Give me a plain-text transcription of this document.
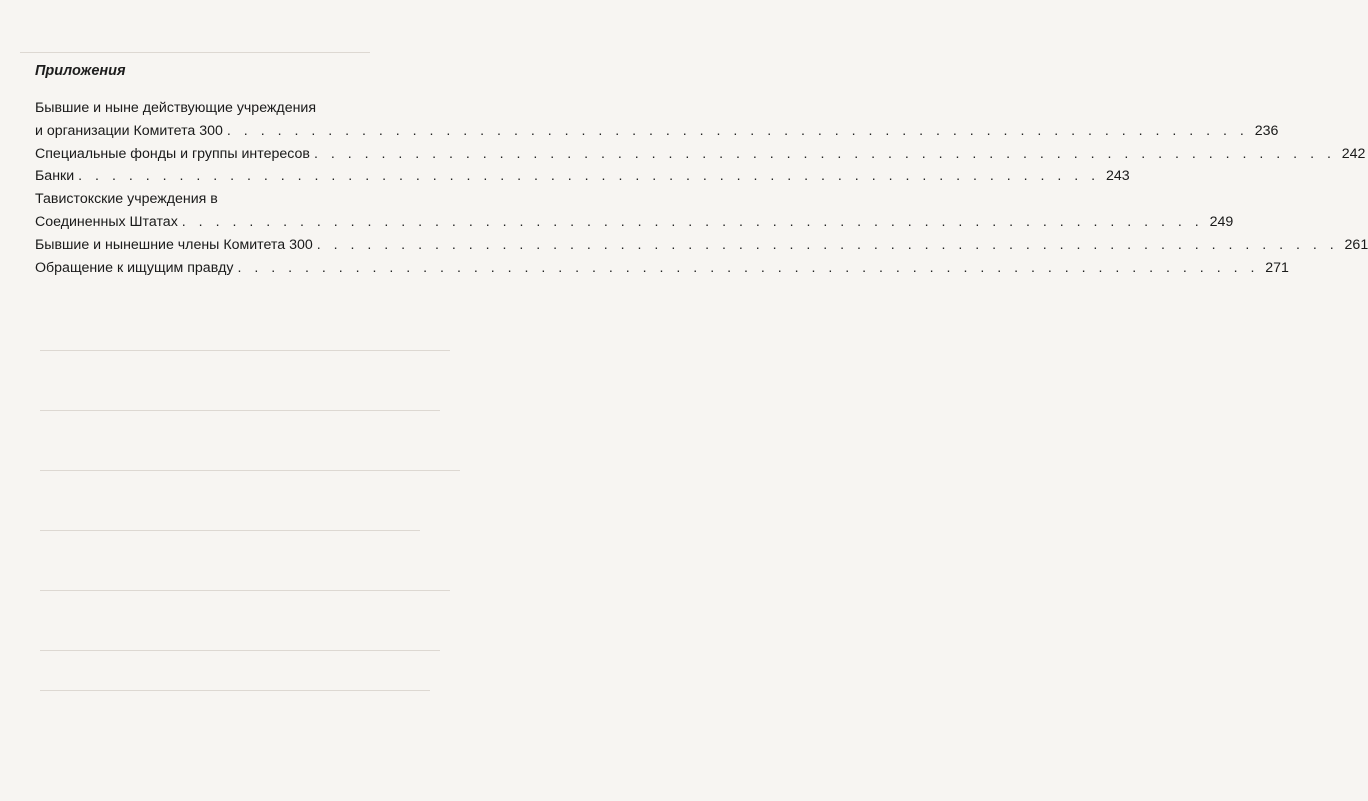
Приложения
Бывшие и ныне действующие учреждения
и организации Комитета 300 . . . . . . . . . . . . . . . . . . . . . . . . . . . . . . . . . . . . . . . . . . . . . . . . . . . . . . . . . . . . . 236
Специальные фонды и группы интересов . . . . . . . . . . . . . . . . . . . . . . . . . . . . . . . . . . . . . . . . . . . . . . . . . . . . . . . . . . . . . 242
Банки . . . . . . . . . . . . . . . . . . . . . . . . . . . . . . . . . . . . . . . . . . . . . . . . . . . . . . . . . . . . . 243
Тавистокские учреждения в
Соединенных Штатах . . . . . . . . . . . . . . . . . . . . . . . . . . . . . . . . . . . . . . . . . . . . . . . . . . . . . . . . . . . . . 249
Бывшие и нынешние члены Комитета 300 . . . . . . . . . . . . . . . . . . . . . . . . . . . . . . . . . . . . . . . . . . . . . . . . . . . . . . . . . . . . . 261
Обращение к ищущим правду . . . . . . . . . . . . . . . . . . . . . . . . . . . . . . . . . . . . . . . . . . . . . . . . . . . . . . . . . . . . . 271
